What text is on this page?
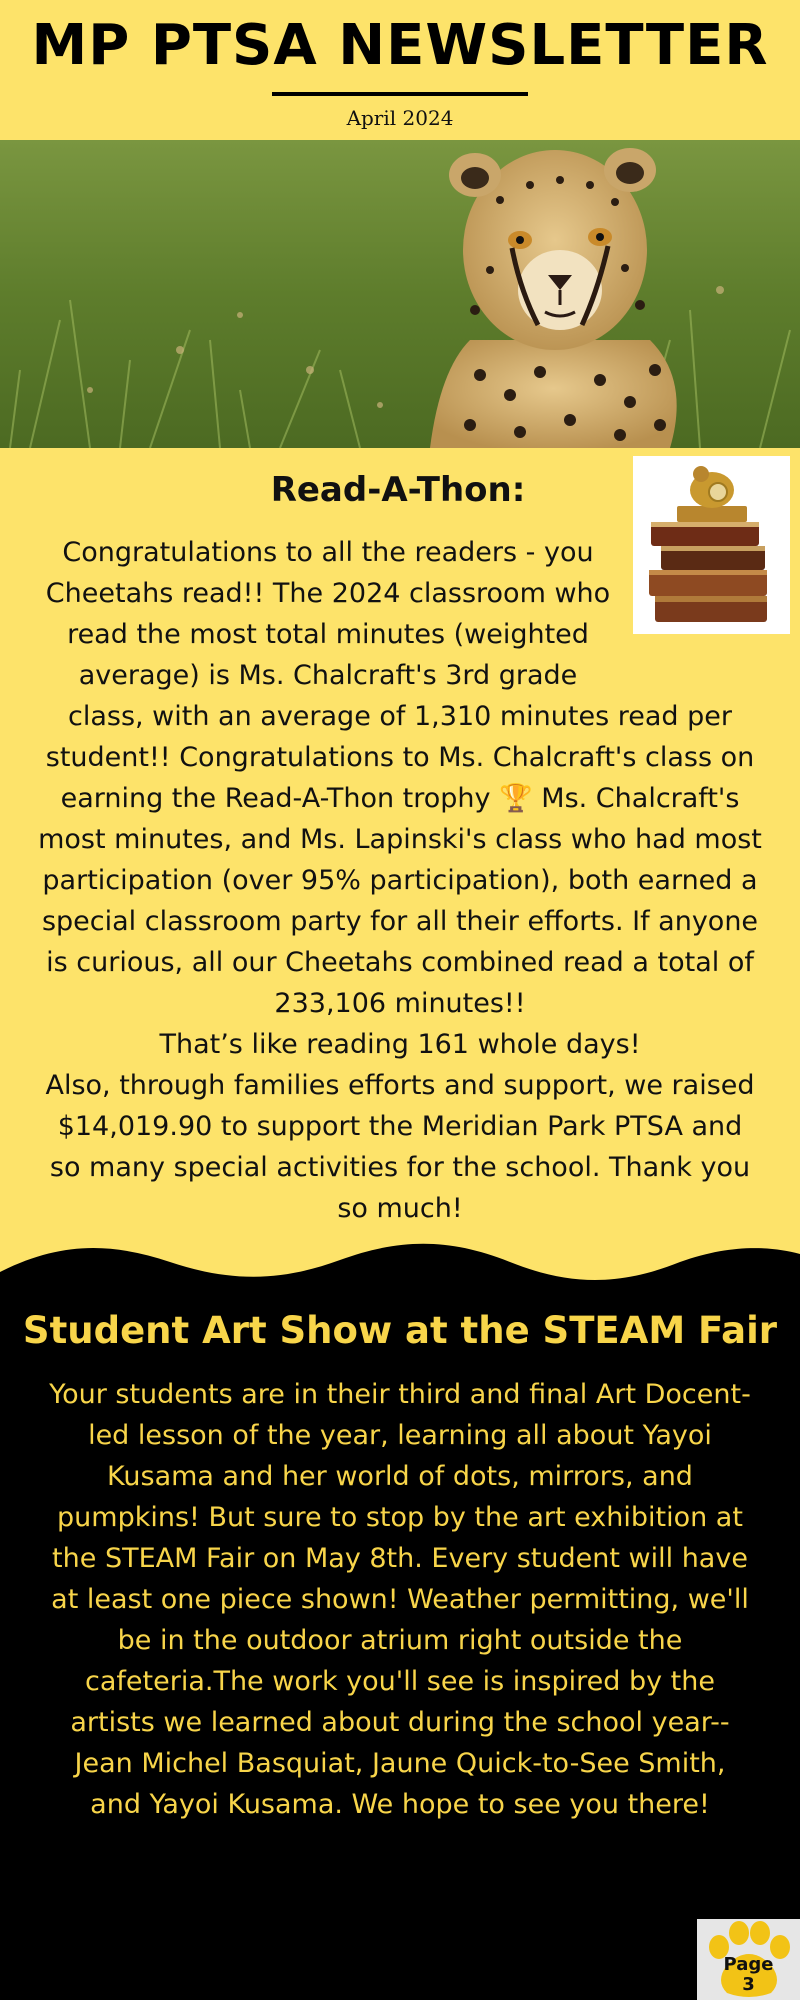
MP PTSA NEWSLETTER
April 2024
Read-A-Thon:

Congratulations to all the readers - you

Cheetahs read!! The 2024 classroom who

read the most total minutes (weighted

average) is Ms. Chalcraft's 3rd grade

class, with an average of 1,310 minutes read per

student!! Congratulations to Ms. Chalcraft's class on

earning the Read-A-Thon trophy 🏆 Ms. Chalcraft's

most minutes, and Ms. Lapinski's class who had most

participation (over 95% participation), both earned a

special classroom party for all their efforts. If anyone

is curious, all our Cheetahs combined read a total of

233,106 minutes!!

That’s like reading 161 whole days!

Also, through families efforts and support, we raised

$14,019.90 to support the Meridian Park PTSA and

so many special activities for the school. Thank you

so much!

Student Art Show at the STEAM Fair

Your students are in their third and final Art Docent-

led lesson of the year, learning all about Yayoi

Kusama and her world of dots, mirrors, and

pumpkins! But sure to stop by the art exhibition at

the STEAM Fair on May 8th. Every student will have

at least one piece shown! Weather permitting, we'll

be in the outdoor atrium right outside the

cafeteria.The work you'll see is inspired by the

artists we learned about during the school year--

Jean Michel Basquiat, Jaune Quick-to-See Smith,

and Yayoi Kusama. We hope to see you there!

Page
3
